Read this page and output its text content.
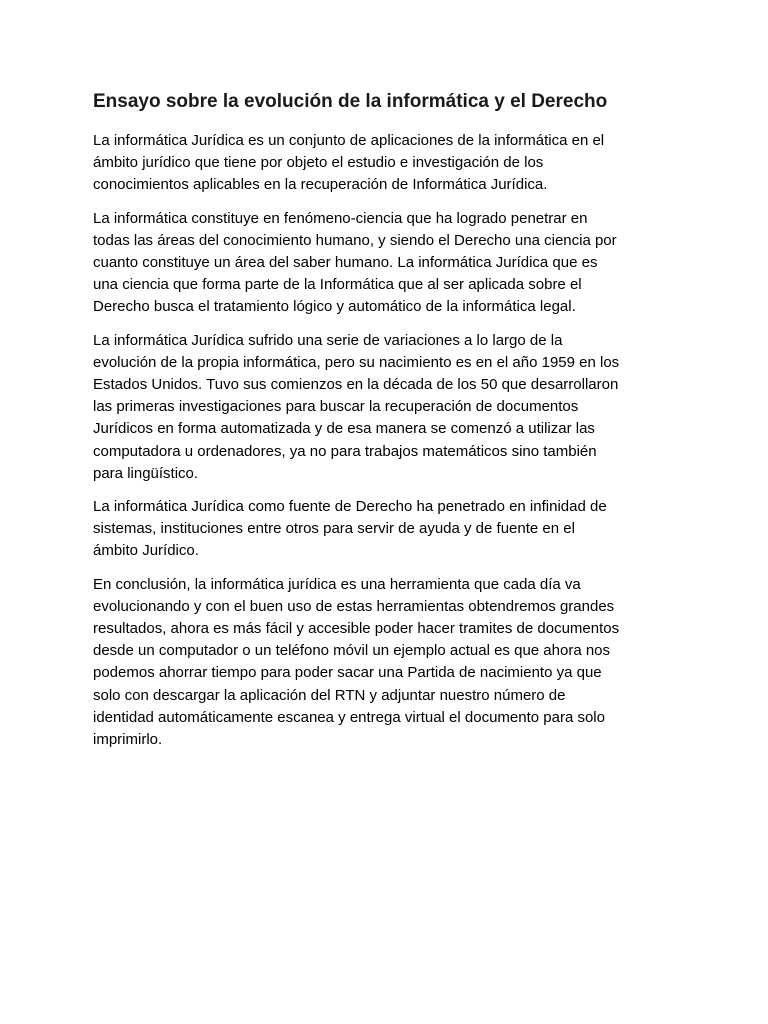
Ensayo sobre la evolución de la informática y el Derecho

La informática Jurídica es un conjunto de aplicaciones de la informática en el
ámbito jurídico que tiene por objeto el estudio e investigación de los
conocimientos aplicables en la recuperación de Informática Jurídica.

La informática constituye en fenómeno-ciencia que ha logrado penetrar en
todas las áreas del conocimiento humano, y siendo el Derecho una ciencia por
cuanto constituye un área del saber humano. La informática Jurídica que es
una ciencia que forma parte de la Informática que al ser aplicada sobre el
Derecho busca el tratamiento lógico y automático de la informática legal.

La informática Jurídica sufrido una serie de variaciones a lo largo de la
evolución de la propia informática, pero su nacimiento es en el año 1959 en los
Estados Unidos. Tuvo sus comienzos en la década de los 50 que desarrollaron
las primeras investigaciones para buscar la recuperación de documentos
Jurídicos en forma automatizada y de esa manera se comenzó a utilizar las
computadora u ordenadores, ya no para trabajos matemáticos sino también
para lingüístico.

La informática Jurídica como fuente de Derecho ha penetrado en infinidad de
sistemas, instituciones entre otros para servir de ayuda y de fuente en el
ámbito Jurídico.

En conclusión, la informática jurídica es una herramienta que cada día va
evolucionando y con el buen uso de estas herramientas obtendremos grandes
resultados, ahora es más fácil y accesible poder hacer tramites de documentos
desde un computador o un teléfono móvil un ejemplo actual es que ahora nos
podemos ahorrar tiempo para poder sacar una Partida de nacimiento ya que
solo con descargar la aplicación del RTN y adjuntar nuestro número de
identidad automáticamente escanea y entrega virtual el documento para solo
imprimirlo.
